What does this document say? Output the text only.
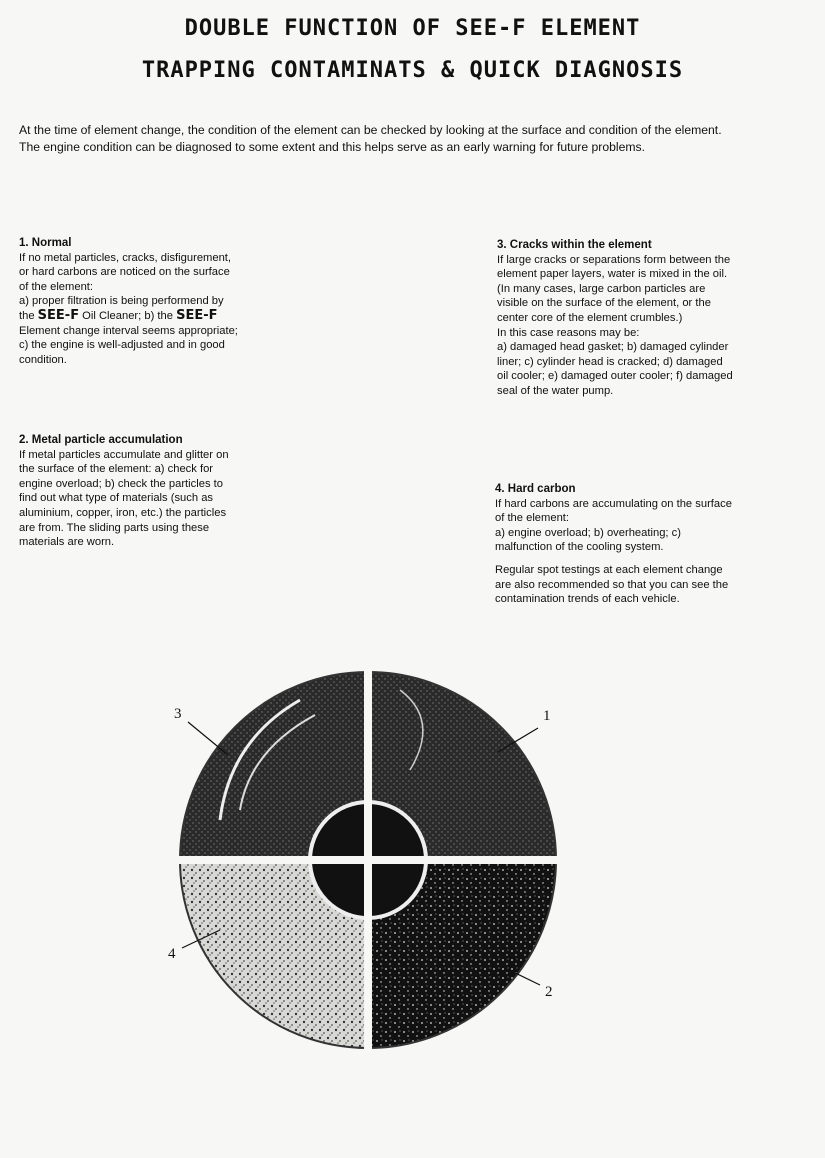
DOUBLE FUNCTION OF SEE-F ELEMENT
TRAPPING CONTAMINATS & QUICK DIAGNOSIS
At the time of element change, the condition of the element can be checked by looking at the surface and condition of the element. The engine condition can be diagnosed to some extent and this helps serve as an early warning for future problems.
1. Normal

If no metal particles, cracks, disfigurement, or hard carbons are noticed on the surface of the element:

a) proper filtration is being performend by the SEE-F Oil Cleaner; b) the SEE-F Element change interval seems appropriate; c) the engine is well-adjusted and in good condition.

2. Metal particle accumulation

If metal particles accumulate and glitter on the surface of the element: a) check for engine overload; b) check the particles to find out what type of materials (such as aluminium, copper, iron, etc.) the particles are from. The sliding parts using these materials are worn.

3. Cracks within the element

If large cracks or separations form between the element paper layers, water is mixed in the oil. (In many cases, large carbon particles are visible on the surface of the element, or the center core of the element crumbles.)

In this case reasons may be:

a) damaged head gasket; b) damaged cylinder liner; c) cylinder head is cracked; d) damaged oil cooler; e) damaged outer cooler; f) damaged seal of the water pump.

4. Hard carbon

If hard carbons are accumulating on the surface of the element:

a) engine overload; b) overheating; c) malfunction of the cooling system.

Regular spot testings at each element change are also recommended so that you can see the contamination trends of each vehicle.

1
2
3
4
